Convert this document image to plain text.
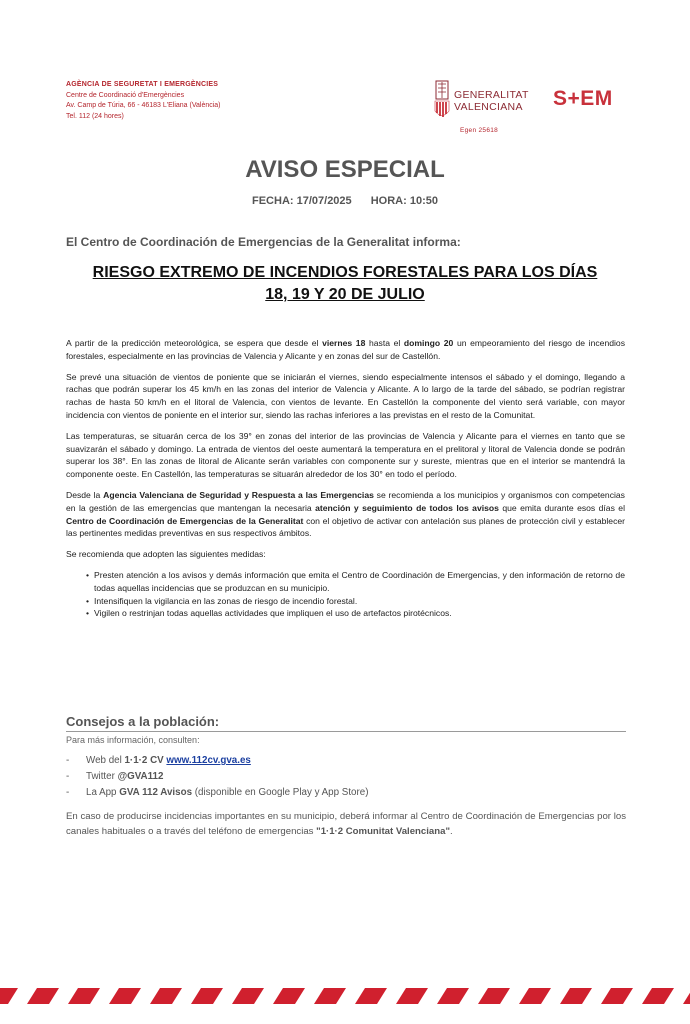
AGÈNCIA DE SEGURETAT I EMERGÈNCIES
Centre de Coordinació d'Emergències
Av. Camp de Túria, 66 - 46183 L'Eliana (València)
Tel. 112 (24 hores)
GENERALITAT
VALENCIANA
Egen 25618
S+EM
AVISO ESPECIAL
FECHA: 17/07/2025 HORA: 10:50
El Centro de Coordinación de Emergencias de la Generalitat informa:
RIESGO EXTREMO DE INCENDIOS FORESTALES PARA LOS DÍAS
18, 19 Y 20 DE JULIO

A partir de la predicción meteorológica, se espera que desde el viernes 18 hasta el domingo 20 un empeoramiento del riesgo de incendios forestales, especialmente en las provincias de Valencia y Alicante y en zonas del sur de Castellón.

Se prevé una situación de vientos de poniente que se iniciarán el viernes, siendo especialmente intensos el sábado y el domingo, llegando a rachas que podrán superar los 45 km/h en las zonas del interior de Valencia y Alicante. A lo largo de la tarde del sábado, se podrían registrar rachas de hasta 50 km/h en el litoral de Valencia, con vientos de levante. En Castellón la componente del viento será variable, con mayor incidencia con vientos de poniente en el interior sur, siendo las rachas inferiores a las previstas en el resto de la Comunitat.

Las temperaturas, se situarán cerca de los 39° en zonas del interior de las provincias de Valencia y Alicante para el viernes en tanto que se suavizarán el sábado y domingo. La entrada de vientos del oeste aumentará la temperatura en el prelitoral y litoral de Valencia donde se podrán superar los 38°. En las zonas de litoral de Alicante serán variables con componente sur y sureste, mientras que en el interior se mantendrá la componente oeste. En Castellón, las temperaturas se situarán alrededor de los 30° en todo el período.

Desde la Agencia Valenciana de Seguridad y Respuesta a las Emergencias se recomienda a los municipios y organismos con competencias en la gestión de las emergencias que mantengan la necesaria atención y seguimiento de todos los avisos que emita durante esos días el Centro de Coordinación de Emergencias de la Generalitat con el objetivo de activar con antelación sus planes de protección civil y establecer las pertinentes medidas preventivas en sus respectivos ámbitos.

Se recomienda que adopten las siguientes medidas:

• Presten atención a los avisos y demás información que emita el Centro de Coordinación de Emergencias, y den información de retorno de todas aquellas incidencias que se produzcan en su municipio.
• Intensifiquen la vigilancia en las zonas de riesgo de incendio forestal.
• Vigilen o restrinjan todas aquellas actividades que impliquen el uso de artefactos pirotécnicos.
Consejos a la población:
Para más información, consulten:
- Web del 1·1·2 CV www.112cv.gva.es
- Twitter @GVA112
- La App GVA 112 Avisos (disponible en Google Play y App Store)
En caso de producirse incidencias importantes en su municipio, deberá informar al Centro de Coordinación de Emergencias por los canales habituales o a través del teléfono de emergencias "1·1·2 Comunitat Valenciana".
